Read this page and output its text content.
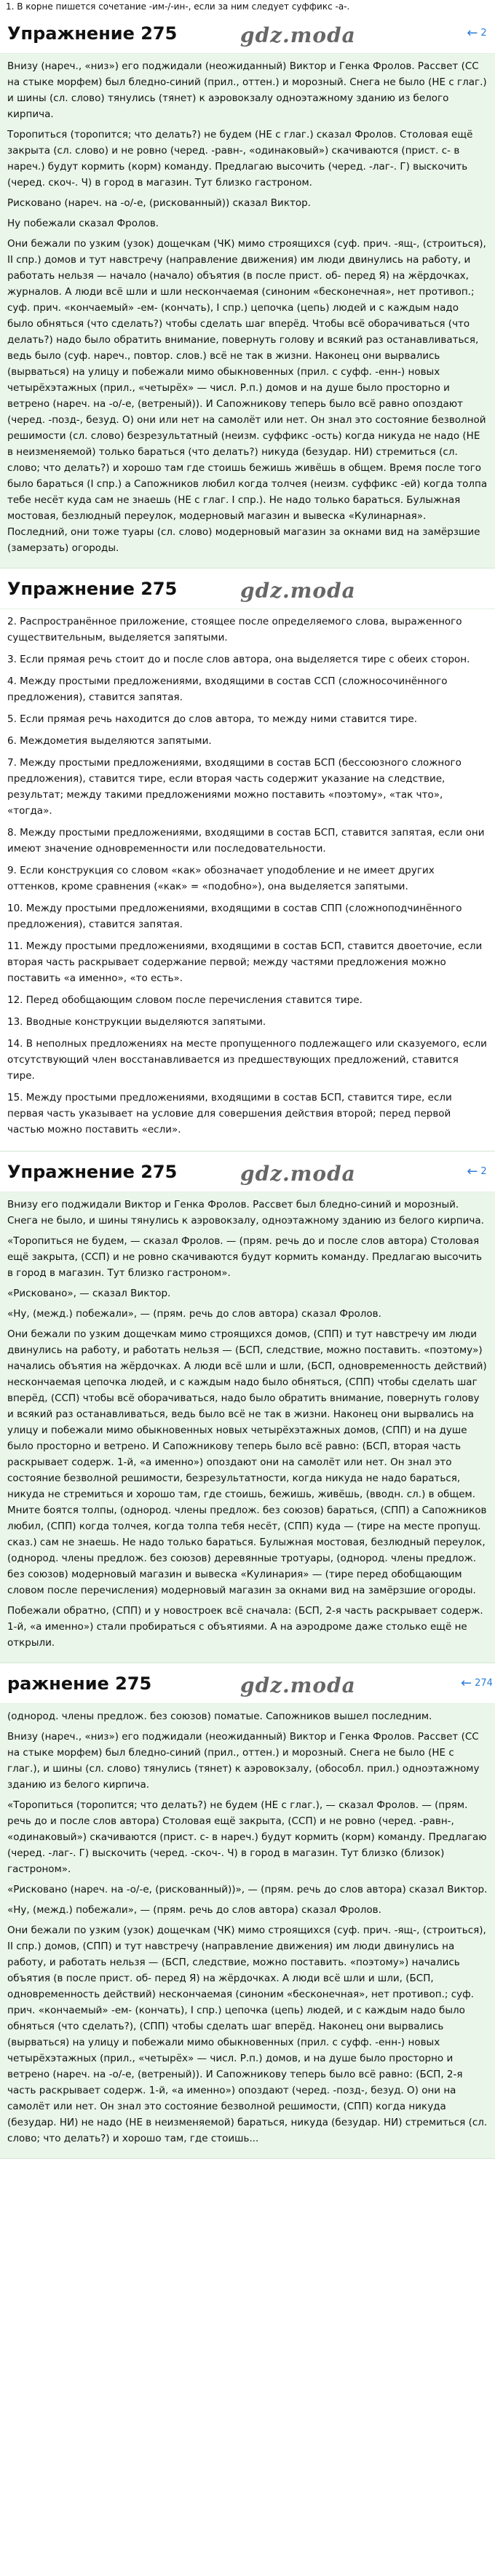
1. В корне пишется сочетание -им-/-ин-, если за ним следует суффикс -а-.
Упражнение 275	← 2

Внизу (нареч., «низ») его поджидали (неожиданный) Виктор и Генка Фролов. Рассвет (СС на стыке морфем) был бледно-синий (прил., оттен.) и морозный. Снега не было (НЕ с глаг.) и шины (сл. слово) тянулись (тянет) к аэровокзалу одноэтажному зданию из белого кирпича.

Торопиться (торопится; что делать?) не будем (НЕ с глаг.) сказал Фролов. Столовая ещё закрыта (сл. слово) и не ровно (черед. -равн-, «одинаковый») скачиваются (прист. с- в нареч.) будут кормить (корм) команду. Предлагаю высочить (черед. -лаг-. Г) выскочить (черед. скоч-. Ч) в город в магазин. Тут близко гастроном.

Рисковано (нареч. на -о/-е, (рискованный)) сказал Виктор.

Ну побежали сказал Фролов.

Они бежали по узким (узок) дощечкам (ЧК) мимо строящихся (суф. прич. -ящ-, (строиться), II спр.) домов и тут навстречу (направление движения) им люди двинулись на работу, и работать нельзя — начало (начало) объятия (в после прист. об- перед Я) на жёрдочках, журналов. А люди всё шли и шли нескончаемая (синоним «бесконечная», нет противоп.; суф. прич. «кончаемый» -ем- (кончать), I спр.) цепочка (цепь) людей и с каждым надо было обняться (что сделать?) чтобы сделать шаг вперёд. Чтобы всё оборачиваться (что делать?) надо было обратить внимание, повернуть голову и всякий раз останавливаться, ведь было (суф. нареч., повтор. слов.) всё не так в жизни. Наконец они вырвались (вырваться) на улицу и побежали мимо обыкновенных (прил. с суфф. -енн-) новых четырёхэтажных (прил., «четырёх» — числ. Р.п.) домов и на душе было просторно и ветрено (нареч. на -о/-е, (ветреный)). И Сапожникову теперь было всё равно опоздают (черед. -позд-, безуд. О) они или нет на самолёт или нет. Он знал это состояние безволной решимости (сл. слово) безрезультатный (неизм. суффикс -ость) когда никуда не надо (НЕ в неизменяемой) только бараться (что делать?) никуда (безудар. НИ) стремиться (сл. слово; что делать?) и хорошо там где стоишь бежишь живёшь в общем. Время после того было бараться (I спр.) а Сапожников любил когда толчея (неизм. суффикс -ей) когда толпа тебе несёт куда сам не знаешь (НЕ с глаг. I спр.). Не надо только бараться. Булыжная мостовая, безлюдный переулок, модерновый магазин и вывеска «Кулинарная». Последний, они тоже туары (сл. слово) модерновый магазин за окнами вид на замёрзшие (замерзать) огороды.

gdz.moda
Упражнение 275

2. Распространённое приложение, стоящее после определяемого слова, выраженного существительным, выделяется запятыми.

3. Если прямая речь стоит до и после слов автора, она выделяется тире с обеих сторон.

4. Между простыми предложениями, входящими в состав ССП (сложносочинённого предложения), ставится запятая.

5. Если прямая речь находится до слов автора, то между ними ставится тире.

6. Междометия выделяются запятыми.

7. Между простыми предложениями, входящими в состав БСП (бессоюзного сложного предложения), ставится тире, если вторая часть содержит указание на следствие, результат; между такими предложениями можно поставить «поэтому», «так что», «тогда».

8. Между простыми предложениями, входящими в состав БСП, ставится запятая, если они имеют значение одновременности или последовательности.

9. Если конструкция со словом «как» обозначает уподобление и не имеет других оттенков, кроме сравнения («как» = «подобно»), она выделяется запятыми.

10. Между простыми предложениями, входящими в состав СПП (сложноподчинённого предложения), ставится запятая.

11. Между простыми предложениями, входящими в состав БСП, ставится двоеточие, если вторая часть раскрывает содержание первой; между частями предложения можно поставить «а именно», «то есть».

12. Перед обобщающим словом после перечисления ставится тире.

13. Вводные конструкции выделяются запятыми.

14. В неполных предложениях на месте пропущенного подлежащего или сказуемого, если отсутствующий член восстанавливается из предшествующих предложений, ставится тире.

15. Между простыми предложениями, входящими в состав БСП, ставится тире, если первая часть указывает на условие для совершения действия второй; перед первой частью можно поставить «если».

gdz.moda
Упражнение 275	← 2

Внизу его поджидали Виктор и Генка Фролов. Рассвет был бледно-синий и морозный. Снега не было, и шины тянулись к аэровокзалу, одноэтажному зданию из белого кирпича.

«Торопиться не будем, — сказал Фролов. — (прям. речь до и после слов автора) Столовая ещё закрыта, (ССП) и не ровно скачиваются будут кормить команду. Предлагаю высочить в город в магазин. Тут близко гастроном».

«Рисковано», — сказал Виктор.

«Ну, (межд.) побежали», — (прям. речь до слов автора) сказал Фролов.

Они бежали по узким дощечкам мимо строящихся домов, (СПП) и тут навстречу им люди двинулись на работу, и работать нельзя — (БСП, следствие, можно поставить. «поэтому») начались объятия на жёрдочках. А люди всё шли и шли, (БСП, одновременность действий) нескончаемая цепочка людей, и с каждым надо было обняться, (СПП) чтобы сделать шаг вперёд, (ССП) чтобы всё оборачиваться, надо было обратить внимание, повернуть голову и всякий раз останавливаться, ведь было всё не так в жизни. Наконец они вырвались на улицу и побежали мимо обыкновенных новых четырёхэтажных домов, (СПП) и на душе было просторно и ветрено. И Сапожникову теперь было всё равно: (БСП, вторая часть раскрывает содерж. 1-й, «а именно») опоздают они на самолёт или нет. Он знал это состояние безволной решимости, безрезультатности, когда никуда не надо бараться, никуда не стремиться и хорошо там, где стоишь, бежишь, живёшь, (вводн. сл.) в общем. Мните боятся толпы, (однород. члены предлож. без союзов) бараться, (СПП) а Сапожников любил, (СПП) когда толчея, когда толпа тебя несёт, (СПП) куда — (тире на месте пропущ. сказ.) сам не знаешь. Не надо только бараться. Булыжная мостовая, безлюдный переулок, (однород. члены предлож. без союзов) деревянные тротуары, (однород. члены предлож. без союзов) модерновый магазин и вывеска «Кулинария» — (тире перед обобщающим словом после перечисления) модерновый магазин за окнами вид на замёрзшие огороды.

Побежали обратно, (СПП) и у новостроек всё сначала: (БСП, 2-я часть раскрывает содерж. 1-й, «а именно») стали пробираться с объятиями. А на аэродроме даже столько ещё не открыли.

gdz.moda
ражнение 275	← 274

(однород. члены предлож. без союзов) поматые. Сапожников вышел последним.

Внизу (нареч., «низ») его поджидали (неожиданный) Виктор и Генка Фролов. Рассвет (СС на стыке морфем) был бледно-синий (прил., оттен.) и морозный. Снега не было (НЕ с глаг.), и шины (сл. слово) тянулись (тянет) к аэровокзалу, (обособл. прил.) одноэтажному зданию из белого кирпича.

«Торопиться (торопится; что делать?) не будем (НЕ с глаг.), — сказал Фролов. — (прям. речь до и после слов автора) Столовая ещё закрыта, (ССП) и не ровно (черед. -равн-, «одинаковый») скачиваются (прист. с- в нареч.) будут кормить (корм) команду. Предлагаю (черед. -лаг-. Г) выскочить (черед. -скоч-. Ч) в город в магазин. Тут близко (близок) гастроном».

«Рисковано (нареч. на -о/-е, (рискованный))», — (прям. речь до слов автора) сказал Виктор.

«Ну, (межд.) побежали», — (прям. речь до слов автора) сказал Фролов.

Они бежали по узким (узок) дощечкам (ЧК) мимо строящихся (суф. прич. -ящ-, (строиться), II спр.) домов, (СПП) и тут навстречу (направление движения) им люди двинулись на работу, и работать нельзя — (БСП, следствие, можно поставить. «поэтому») начались объятия (в после прист. об- перед Я) на жёрдочках. А люди всё шли и шли, (БСП, одновременность действий) нескончаемая (синоним «бесконечная», нет противоп.; суф. прич. «кончаемый» -ем- (кончать), I спр.) цепочка (цепь) людей, и с каждым надо было обняться (что сделать?), (СПП) чтобы сделать шаг вперёд. Наконец они вырвались (вырваться) на улицу и побежали мимо обыкновенных (прил. с суфф. -енн-) новых четырёхэтажных (прил., «четырёх» — числ. Р.п.) домов, и на душе было просторно и ветрено (нареч. на -о/-е, (ветреный)). И Сапожникову теперь было всё равно: (БСП, 2-я часть раскрывает содерж. 1-й, «а именно») опоздают (черед. -позд-, безуд. О) они на самолёт или нет. Он знал это состояние безволной решимости, (СПП) когда никуда (безудар. НИ) не надо (НЕ в неизменяемой) бараться, никуда (безудар. НИ) стремиться (сл. слово; что делать?) и хорошо там, где стоишь...

gdz.moda
